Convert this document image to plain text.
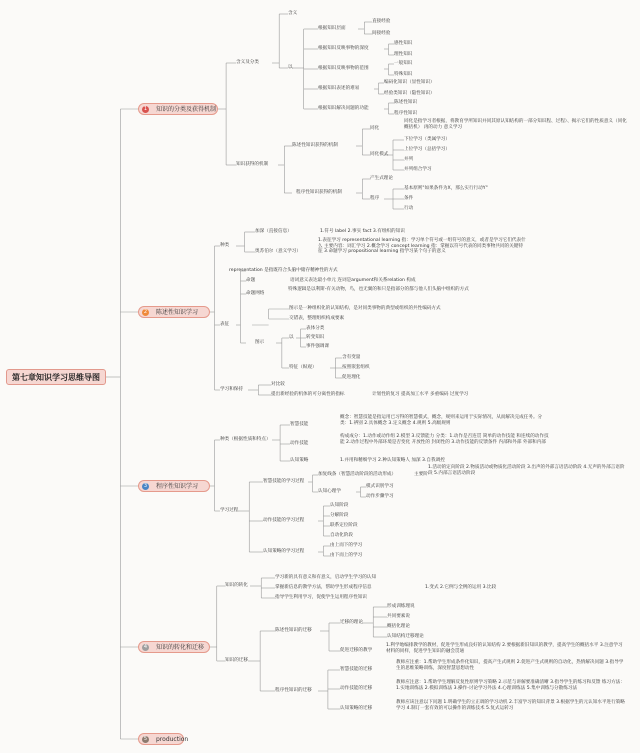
第七章知识学习思维导图
1	知识的分类及获得机制
2	陈述性知识学习
3	程序性知识学习
4	知识的转化和迁移
5	production
含义及分类
含义
以
根据知识层面
直接经验
间接经验
根据知识反映事物的深度
感性知识
理性知识
根据知识反映事物的范围
一般知识
特殊知识
根据知识表述的难易
编码化知识（显性知识）
经验类知识（隐性知识）
根据知识解决问题的功能
陈述性知识
程序性知识
知识获得的机制
陈述性知识获得的机制
同化
同化是指学习者根据，将教育学所知识并同其原认知结构的一部分知识程、过程）、揭示它们的性质意义（同化概括机） 再的动力 意义学习
同化模式
下位学习（类属学习）
上位学习（总括学习）
并列
并列组合学习
程序性知识获得的机制
产生式理论
程序
基本原则"如果条件为X，那么实行行动Y"
条件
行动
种类
加深（直接信息）	1.符号 label 2.事实 fact 3.有组织的知识
奥苏伯尔（意义学习）
1.表征学习 representational learning 指：学习单个符号或一组符号的意义，或者是学习它们代表什么 主要内容：词汇学习 2.概念学习 concept learning 指：掌握以符号代表的同类事物共同的关键特征 3.命题学习 propositional learning 指学习某个句子的意义
representation 是指既符合头脑中储存精神性的方式
命题	语词意义表达最小单元 连词是argument和关系relation 构成
命题网络
特殊逻辑是以利斯-有关动物，鸟，也无翼的和只是指部分的都与他人们头脑中组织的方式
表征
图示是一种组织化的认知结构，是对同类事物的典型或组织的共性编码方式
交错表，整理组织构成要素
图示
以
表体分类
转变知识
事件强调课
特征（纵观）
含有变量
按照嵌套组织
促进理化
学习和保持
对比较
提出新经验的机体的可分离性的指标	计划性的复习 提高加工水平 多重编码 过度学习
种类（根据性质和特点）
智慧技能
概念：智慧技能是指运用已习得的智慧模式，概念，规则来运用于实际情况，从而解决完成任务。分类：1.辨别 2.具体概念 3.定义概念 4.规则 5.高级规则
动作技能
构成成分：1.动作或动作组 2.模型 3.反馈能力 分类：1.动作是否连贯 简单的动作技能 和连续的动作技能 2.动作过程中外部环境是否变化 开放性的 封闭性的 3.动作技能的反馈条件 内部和外部 外部和内部
认知策略	1.并用和精细学习 2.种认知策略人 加深 3.自我调控
学习过程
智慧技能的学习过程
加复线条（智慧活动阶段的活动形成）	主要阶
1.活动的定向阶段 2.物质活动或物质化活动阶段 3.出声的外部言语活动阶段 4.无声的外部言语阶段 5.内部言语活动阶段
认知心理学
模式识别学习
动作步骤学习
动作技能的学习过程
认知阶段
分解阶段
联系定位阶段
自动化阶段
认知策略的学习过程
由上而下的学习
由下而上的学习
知识的转化
学习新的具有意义和有意义，启动学生学习的认知
掌握新信息的教学方法，帮助学生形成程序信息	1.变式 2.它例与全例的运用 3.比较
指导学生利用学习，促使学生运用程序性知识
知识的迁移
陈述性知识的迁移
迁移的理论
形成训练理说
共同要素说
概括化理论
认知结构迁移理论
促进迁移的教学
1.利学地编排教学的教材，促进学生形成良好的认知结构 2.要根据新旧知识的教学，提高学生的概括水平 3.注意学习材料的同样，促进学生知识的融会贯通
程序性知识的迁移
智慧技能的迁移
教师应注重：1.帮助学生形成条件化知识，提高产生式规则 2.促进产生式规则的自动化，热情解决问题 3.指导学生的思维策略训练，深度智慧思想动性
动作技能的迁移
教师应注意：1.帮助学生理解反复性原则学习策略 2.示范与讲解要准确清晰 3.指导学生的练习和反馈 练习方法：1.实地训练法 2.模拟训练法 3.操作-讨论学习外法 4.心理训练法 5.集中训练与分散练习法
认知策略的迁移
教师应该注意以下问题 1.明确学生的立正调的学习动机 2.丰富学习的知识背景 3.根据学生的元认知水平进行策略学习 4.制订一套有效的可以操作的训练技术 5.复式运转习
